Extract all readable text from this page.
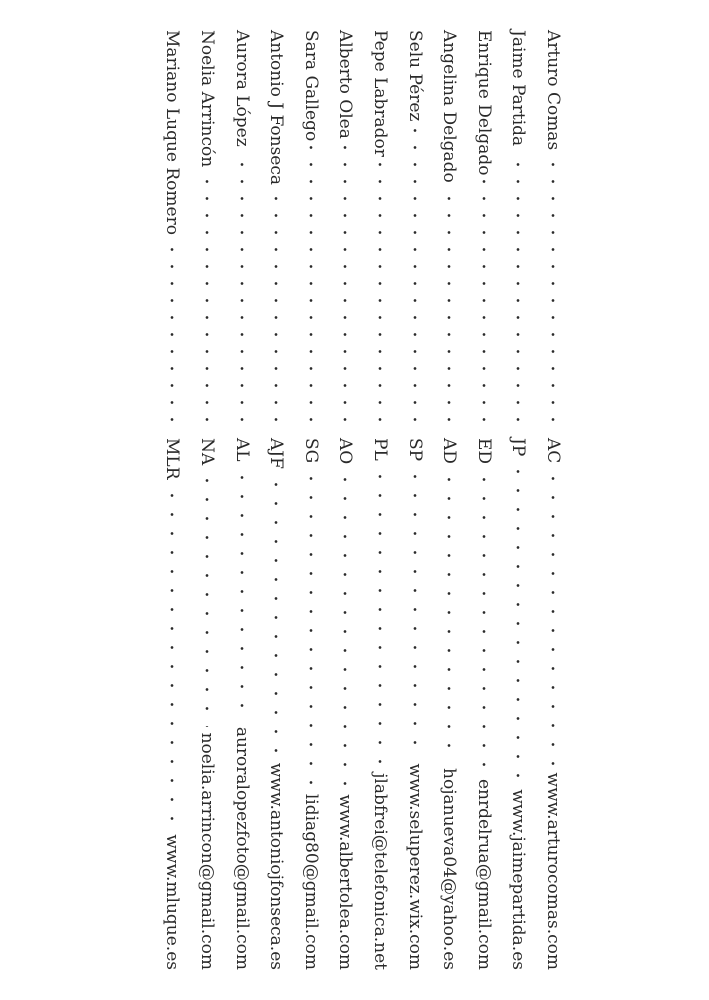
Arturo Comas
AC
www.arturocomas.com
Jaime Partida
JP
www.jaimepartida.es
Enrique Delgado
ED
enrdelrua@gmail.com
Angelina Delgado
AD
hojanueva04@yahoo.es
Selu Pérez
SP
www.seluperez.wix.com
Pepe Labrador
PL
jlabfrei@telefonica.net
Alberto Olea
AO
www.albertolea.com
Sara Gallego
SG
lidiag80@gmail.com
Antonio J Fonseca
AJF
www.antoniojfonseca.es
Aurora López
AL
auroralopezfoto@gmail.com
Noelia Arrincón
NA
noelia.arrincon@gmail.com
Mariano Luque Romero
MLR
www.mluque.es
